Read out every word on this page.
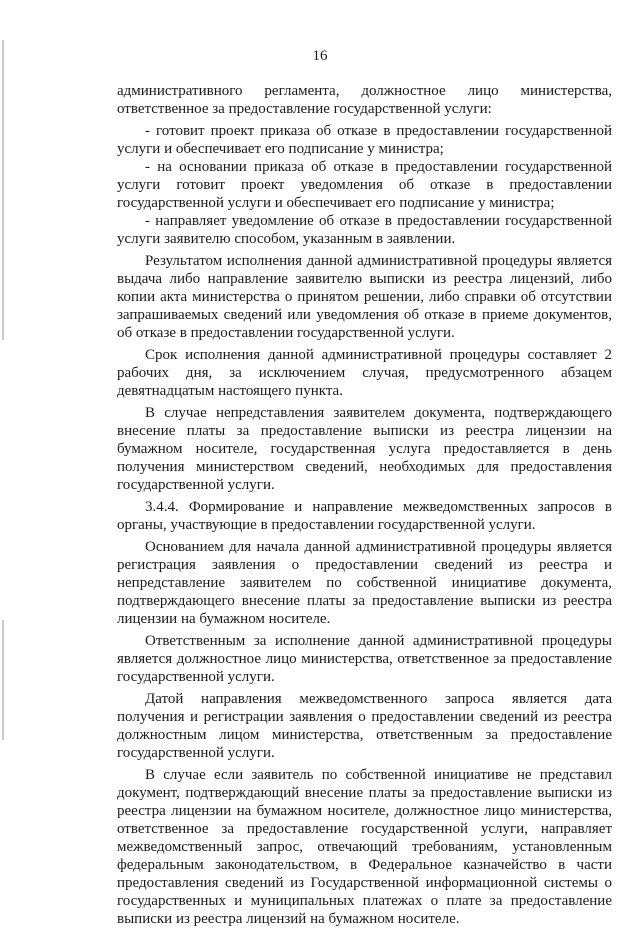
16

административного регламента, должностное лицо министерства, ответственное за предоставление государственной услуги:

- готовит проект приказа об отказе в предоставлении государственной услуги и обеспечивает его подписание у министра;

- на основании приказа об отказе в предоставлении государственной услуги готовит проект уведомления об отказе в предоставлении государственной услуги и обеспечивает его подписание у министра;

- направляет уведомление об отказе в предоставлении государственной услуги заявителю способом, указанным в заявлении.

Результатом исполнения данной административной процедуры является выдача либо направление заявителю выписки из реестра лицензий, либо копии акта министерства о принятом решении, либо справки об отсутствии запрашиваемых сведений или уведомления об отказе в приеме документов, об отказе в предоставлении государственной услуги.

Срок исполнения данной административной процедуры составляет 2 рабочих дня, за исключением случая, предусмотренного абзацем девятнадцатым настоящего пункта.

В случае непредставления заявителем документа, подтверждающего внесение платы за предоставление выписки из реестра лицензии на бумажном носителе, государственная услуга предоставляется в день получения министерством сведений, необходимых для предоставления государственной услуги.

3.4.4. Формирование и направление межведомственных запросов в органы, участвующие в предоставлении государственной услуги.

Основанием для начала данной административной процедуры является регистрация заявления о предоставлении сведений из реестра и непредставление заявителем по собственной инициативе документа, подтверждающего внесение платы за предоставление выписки из реестра лицензии на бумажном носителе.

Ответственным за исполнение данной административной процедуры является должностное лицо министерства, ответственное за предоставление государственной услуги.

Датой направления межведомственного запроса является дата получения и регистрации заявления о предоставлении сведений из реестра должностным лицом министерства, ответственным за предоставление государственной услуги.

В случае если заявитель по собственной инициативе не представил документ, подтверждающий внесение платы за предоставление выписки из реестра лицензии на бумажном носителе, должностное лицо министерства, ответственное за предоставление государственной услуги, направляет межведомственный запрос, отвечающий требованиям, установленным федеральным законодательством, в Федеральное казначейство в части предоставления сведений из Государственной информационной системы о государственных и муниципальных платежах о плате за предоставление выписки из реестра лицензий на бумажном носителе.
